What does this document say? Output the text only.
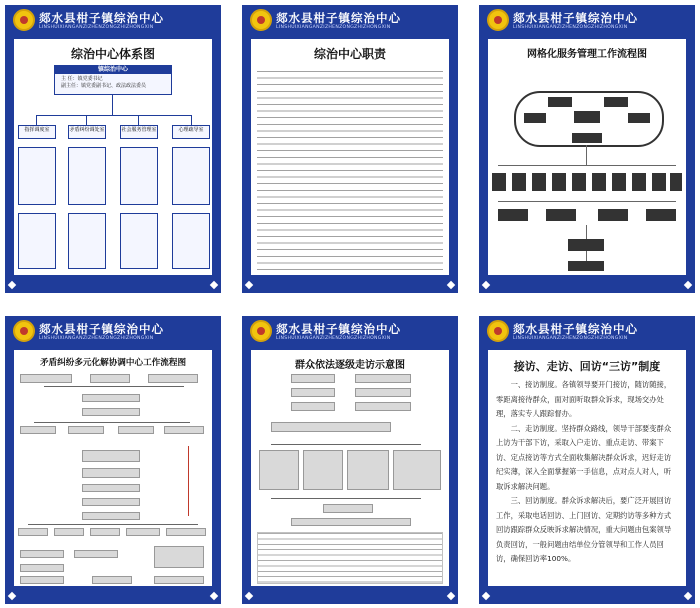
郯水县柑子镇综治中心
LINSHUIXIANGANZIZHENZONGZHIZHONGXIN
综治中心体系图
镇综治中心
主 任：镇党委书记
副主任：镇党委副书记、政法政法委员
指挥调度室	矛盾纠纷调处室	社会服务管理室	心理疏导室
郯水县柑子镇综治中心
LINSHUIXIANGANZIZHENZONGZHIZHONGXIN
综治中心职责
郯水县柑子镇综治中心
LINSHUIXIANGANZIZHENZONGZHIZHONGXIN
网格化服务管理工作流程图
郯水县柑子镇综治中心
LINSHUIXIANGANZIZHENZONGZHIZHONGXIN
矛盾纠纷多元化解协调中心工作流程图
郯水县柑子镇综治中心
LINSHUIXIANGANZIZHENZONGZHIZHONGXIN
群众依法逐级走访示意图
郯水县柑子镇综治中心
LINSHUIXIANGANZIZHENZONGZHIZHONGXIN
接访、走访、回访“三访”制度
一、接访制度。各镇领导要开门接访，随访随接，零距离接待群众，面对面听取群众诉求，现场交办处理，落实专人跟踪督办。
二、走访制度。坚持群众路线，领导干部要变群众上访为干部下访，采取入户走访、重点走访、带案下访、定点接访等方式全面收集解决群众诉求，迟好走访纪实薄，深入全面掌握第一手信息，点对点人对人，听取诉求解决问题。
三、回访制度。群众诉求解决后，要广泛开展回访工作，采取电话回访、上门回访、定期约访等多种方式回访跟踪群众反映诉求解决情况，重大问题由包案领导负责回访，一般问题由结单位分管领导和工作人员回访，确保回访率100%。
